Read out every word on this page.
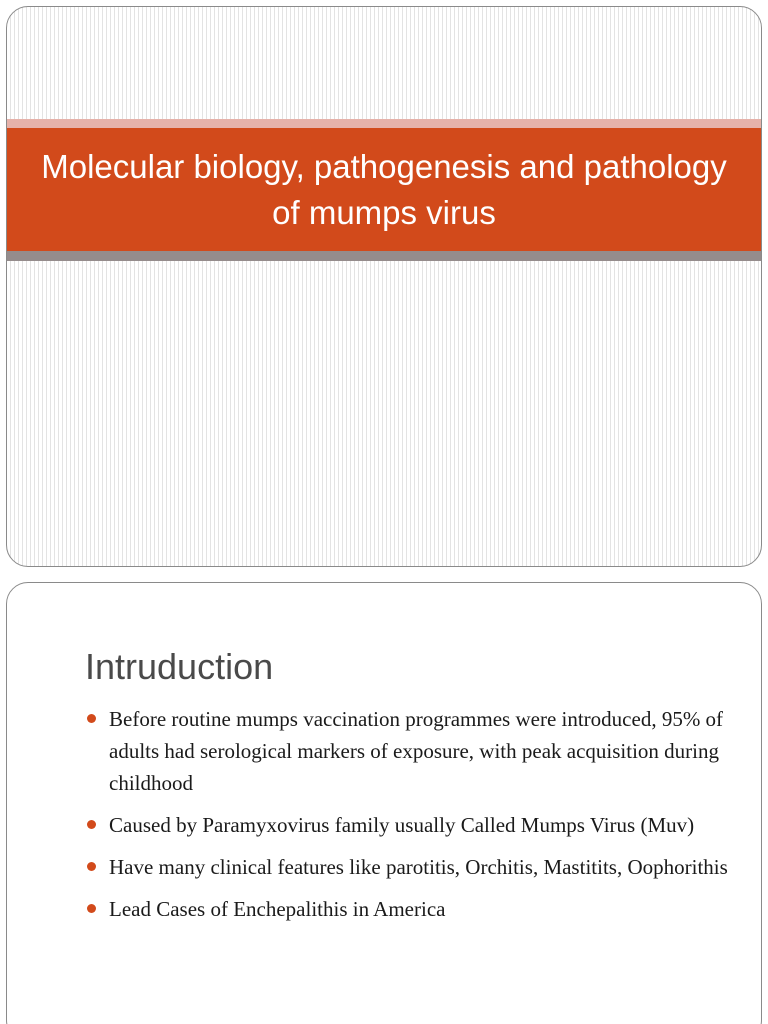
Molecular biology, pathogenesis and pathology of mumps virus
Intruduction
Before routine mumps vaccination programmes were introduced, 95% of adults had serological markers of exposure, with peak acquisition during childhood
Caused by Paramyxovirus family usually Called Mumps Virus (Muv)
Have many clinical features like parotitis, Orchitis, Mastitits, Oophorithis
Lead Cases of Enchepalithis in America
